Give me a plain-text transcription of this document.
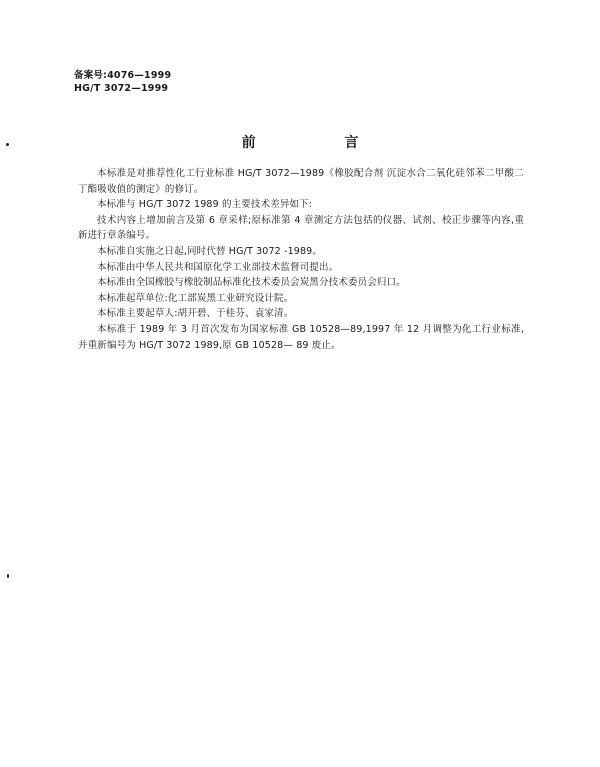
备案号:4076—1999
HG/T 3072—1999
前 言

本标准是对推荐性化工行业标准 HG/T 3072—1989《橡胶配合剂 沉淀水合二氧化硅邻苯二甲酸二丁酯吸收值的测定》的修订。

本标准与 HG/T 3072 1989 的主要技术差异如下:

技术内容上增加前言及第 6 章采样;原标准第 4 章测定方法包括的仪器、试剂、校正步骤等内容,重新进行章条编号。

本标准自实施之日起,同时代替 HG/T 3072 -1989。

本标准由中华人民共和国原化学工业部技术监督司提出。

本标准由全国橡胶与橡胶制品标准化技术委员会炭黑分技术委员会归口。

本标准起草单位:化工部炭黑工业研究设计院。

本标准主要起草人:胡开碧、于桂芬、袁家清。

本标准于 1989 年 3 月首次发布为国家标准 GB 10528—89,1997 年 12 月调整为化工行业标准,并重新编号为 HG/T 3072 1989,原 GB 10528— 89 废止。
